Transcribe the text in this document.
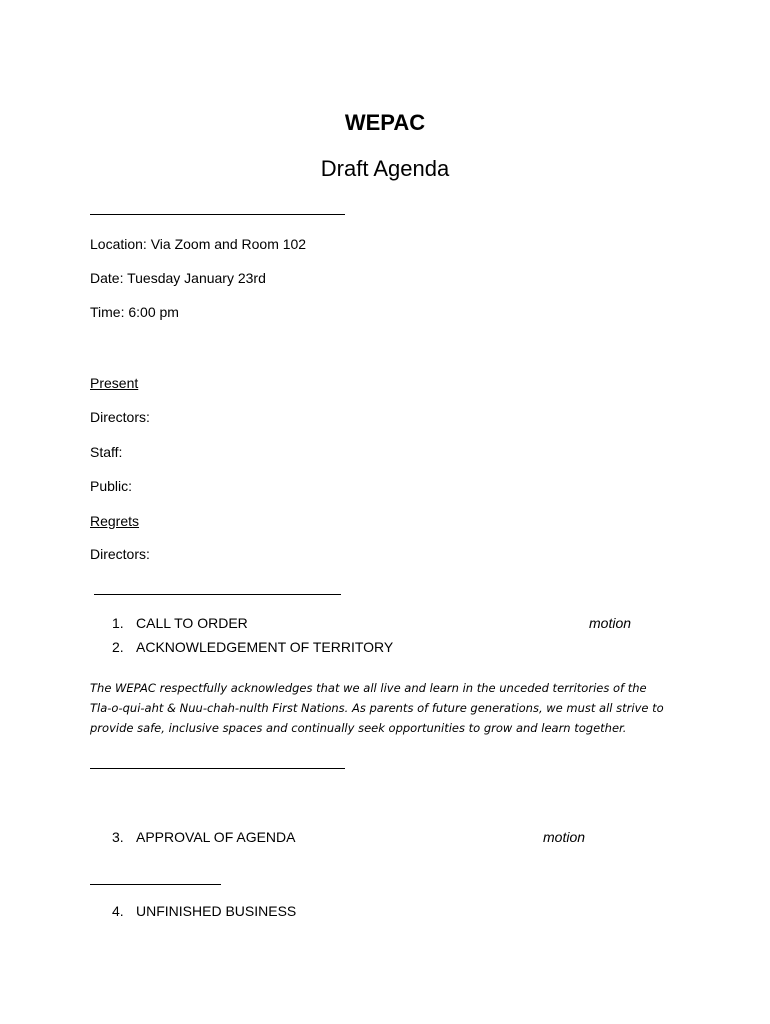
WEPAC
Draft Agenda
Location: Via Zoom and Room 102
Date: Tuesday January 23rd
Time: 6:00 pm
Present
Directors:
Staff:
Public:
Regrets
Directors:
1. CALL TO ORDER	motion
2. ACKNOWLEDGEMENT OF TERRITORY
The WEPAC respectfully acknowledges that we all live and learn in the unceded territories of the
Tla-o-qui-aht & Nuu-chah-nulth First Nations. As parents of future generations, we must all strive to
provide safe, inclusive spaces and continually seek opportunities to grow and learn together.
3. APPROVAL OF AGENDA	motion
4. UNFINISHED BUSINESS
